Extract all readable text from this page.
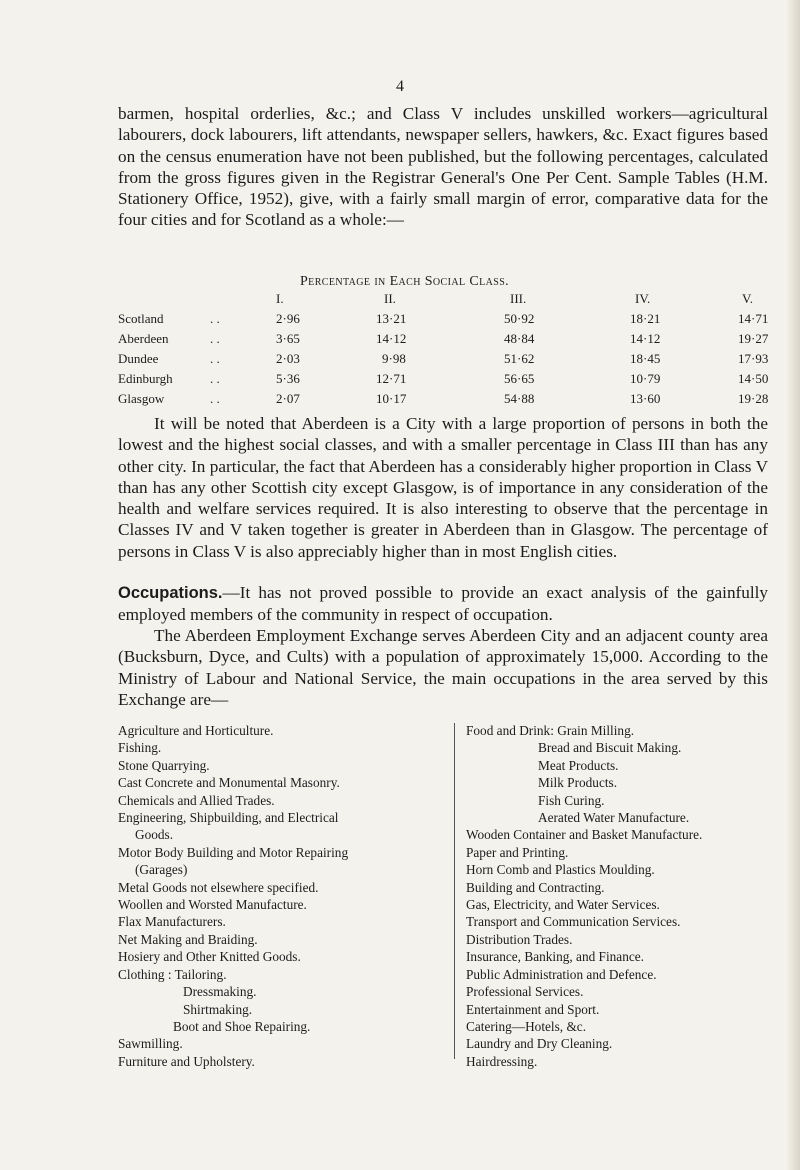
4

barmen, hospital orderlies, &c.; and Class V includes unskilled workers—agricultural labourers, dock labourers, lift attendants, newspaper sellers, hawkers, &c. Exact figures based on the census enumeration have not been published, but the following percentages, calculated from the gross figures given in the Registrar General's One Per Cent. Sample Tables (H.M. Stationery Office, 1952), give, with a fairly small margin of error, comparative data for the four cities and for Scotland as a whole:—

Percentage in Each Social Class.
I.	II.	III.	IV.	V.
Scotland	. .	2·96	13·21	50·92	18·21	14·71
Aberdeen	. .	3·65	14·12	48·84	14·12	19·27
Dundee	. .	2·03	9·98	51·62	18·45	17·93
Edinburgh	. .	5·36	12·71	56·65	10·79	14·50
Glasgow	. .	2·07	10·17	54·88	13·60	19·28

It will be noted that Aberdeen is a City with a large proportion of persons in both the lowest and the highest social classes, and with a smaller percentage in Class III than has any other city. In particular, the fact that Aberdeen has a considerably higher proportion in Class V than has any other Scottish city except Glasgow, is of importance in any consideration of the health and welfare services required. It is also interesting to observe that the percentage in Classes IV and V taken together is greater in Aberdeen than in Glasgow. The percentage of persons in Class V is also appreciably higher than in most English cities.

Occupations.—It has not proved possible to provide an exact analysis of the gainfully employed members of the community in respect of occupation.

The Aberdeen Employment Exchange serves Aberdeen City and an adjacent county area (Bucksburn, Dyce, and Cults) with a population of approximately 15,000. According to the Ministry of Labour and National Service, the main occupations in the area served by this Exchange are—

Agriculture and Horticulture.
Fishing.
Stone Quarrying.
Cast Concrete and Monumental Masonry.
Chemicals and Allied Trades.
Engineering, Shipbuilding, and Electrical
Goods.
Motor Body Building and Motor Repairing
(Garages)
Metal Goods not elsewhere specified.
Woollen and Worsted Manufacture.
Flax Manufacturers.
Net Making and Braiding.
Hosiery and Other Knitted Goods.
Clothing : Tailoring.
Dressmaking.
Shirtmaking.
Boot and Shoe Repairing.
Sawmilling.
Furniture and Upholstery.
Food and Drink: Grain Milling.
Bread and Biscuit Making.
Meat Products.
Milk Products.
Fish Curing.
Aerated Water Manufacture.
Wooden Container and Basket Manufacture.
Paper and Printing.
Horn Comb and Plastics Moulding.
Building and Contracting.
Gas, Electricity, and Water Services.
Transport and Communication Services.
Distribution Trades.
Insurance, Banking, and Finance.
Public Administration and Defence.
Professional Services.
Entertainment and Sport.
Catering—Hotels, &c.
Laundry and Dry Cleaning.
Hairdressing.
